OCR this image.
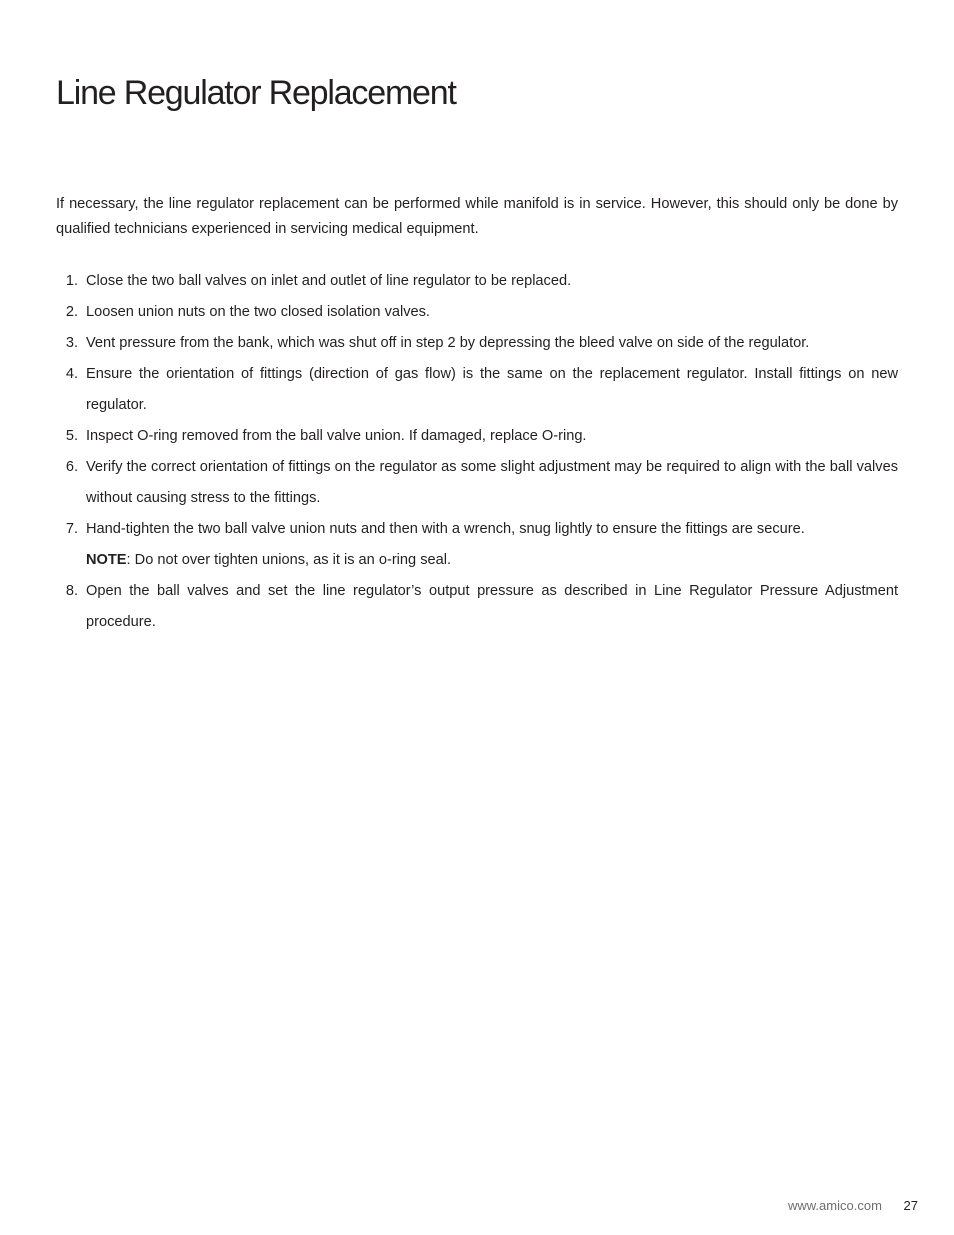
Line Regulator Replacement

If necessary, the line regulator replacement can be performed while manifold is in service. However, this should only be done by qualified technicians experienced in servicing medical equipment.

1. Close the two ball valves on inlet and outlet of line regulator to be replaced.
2. Loosen union nuts on the two closed isolation valves.
3. Vent pressure from the bank, which was shut off in step 2 by depressing the bleed valve on side of the regulator.
4. Ensure the orientation of fittings (direction of gas flow) is the same on the replacement regulator. Install fittings on new regulator.
5. Inspect O-ring removed from the ball valve union. If damaged, replace O-ring.
6. Verify the correct orientation of fittings on the regulator as some slight adjustment may be required to align with the ball valves without causing stress to the fittings.
7. Hand-tighten the two ball valve union nuts and then with a wrench, snug lightly to ensure the fittings are secure.
NOTE: Do not over tighten unions, as it is an o-ring seal.
8. Open the ball valves and set the line regulator’s output pressure as described in Line Regulator Pressure Adjustment procedure.
www.amico.com 27
